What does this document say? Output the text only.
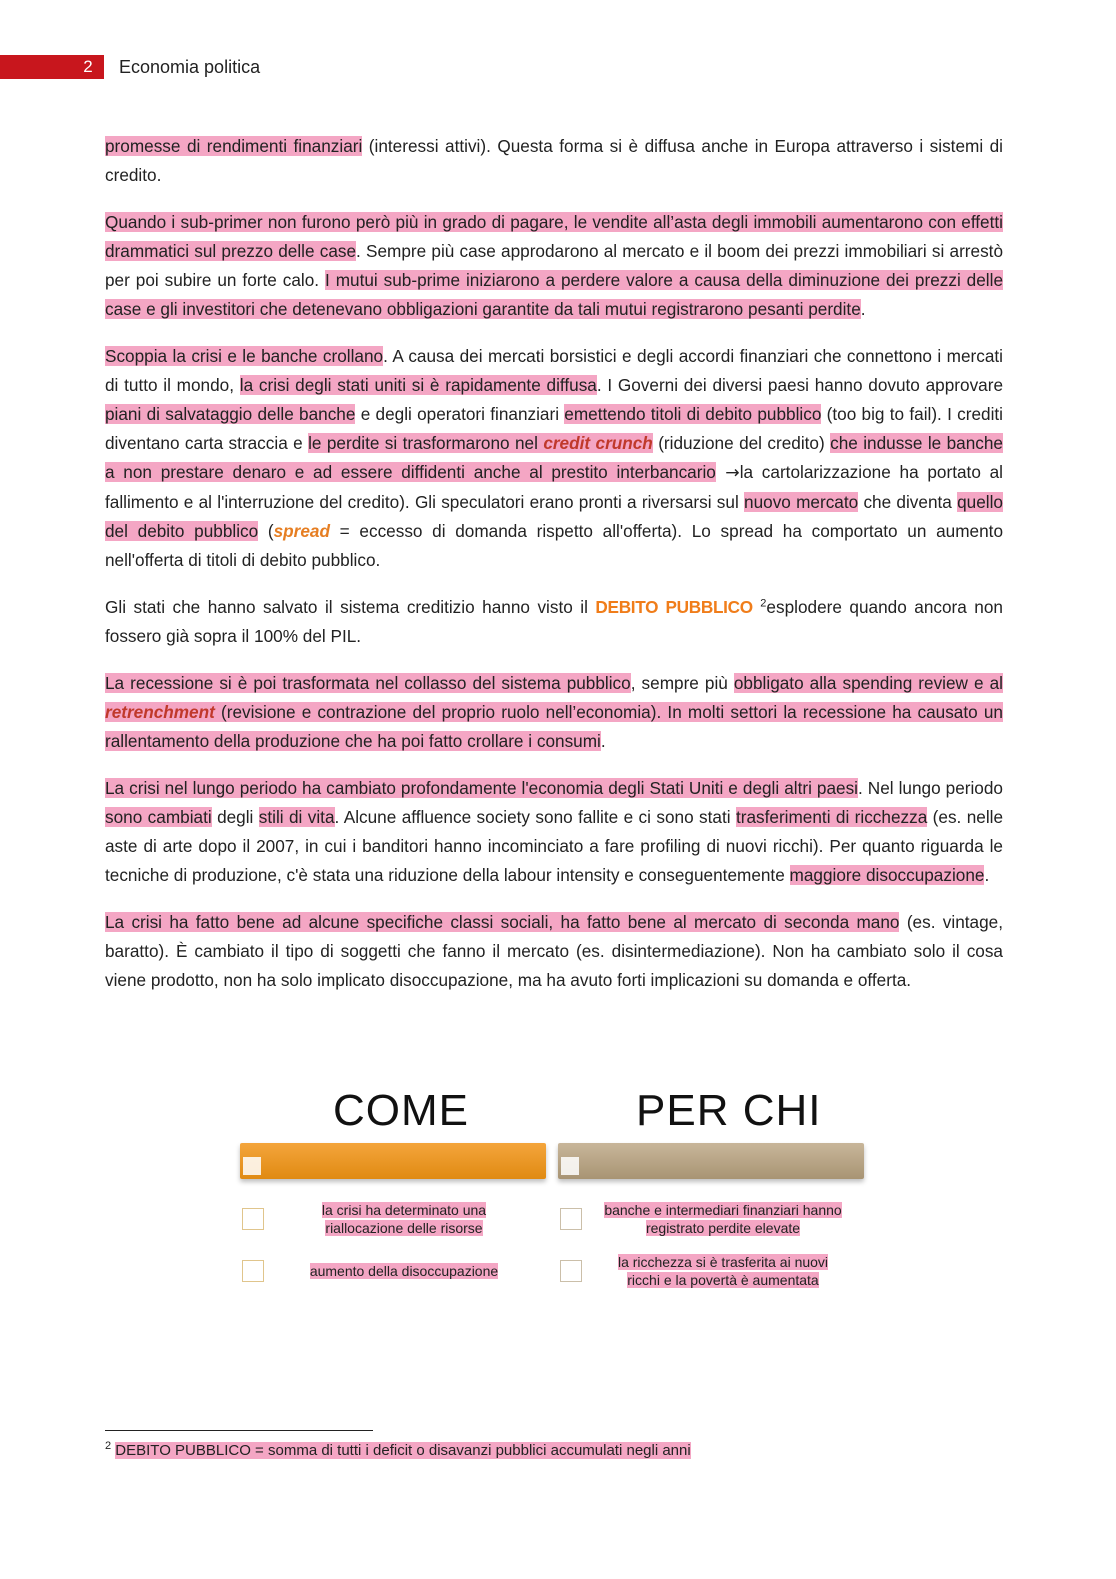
2	Economia politica

promesse di rendimenti finanziari (interessi attivi). Questa forma si è diffusa anche in Europa attraverso i sistemi di credito.

Quando i sub-primer non furono però più in grado di pagare, le vendite all’asta degli immobili aumentarono con effetti drammatici sul prezzo delle case. Sempre più case approdarono al mercato e il boom dei prezzi immobiliari si arrestò per poi subire un forte calo. I mutui sub-prime iniziarono a perdere valore a causa della diminuzione dei prezzi delle case e gli investitori che detenevano obbligazioni garantite da tali mutui registrarono pesanti perdite.

Scoppia la crisi e le banche crollano. A causa dei mercati borsistici e degli accordi finanziari che connettono i mercati di tutto il mondo, la crisi degli stati uniti si è rapidamente diffusa. I Governi dei diversi paesi hanno dovuto approvare piani di salvataggio delle banche e degli operatori finanziari emettendo titoli di debito pubblico (too big to fail). I crediti diventano carta straccia e le perdite si trasformarono nel credit crunch (riduzione del credito) che indusse le banche a non prestare denaro e ad essere diffidenti anche al prestito interbancario →la cartolarizzazione ha portato al fallimento e al l'interruzione del credito). Gli speculatori erano pronti a riversarsi sul nuovo mercato che diventa quello del debito pubblico (spread = eccesso di domanda rispetto all'offerta). Lo spread ha comportato un aumento nell'offerta di titoli di debito pubblico.

Gli stati che hanno salvato il sistema creditizio hanno visto il DEBITO PUBBLICO $^2$esplodere quando ancora non fossero già sopra il 100% del PIL.

La recessione si è poi trasformata nel collasso del sistema pubblico, sempre più obbligato alla spending review e al retrenchment (revisione e contrazione del proprio ruolo nell’economia). In molti settori la recessione ha causato un rallentamento della produzione che ha poi fatto crollare i consumi.

La crisi nel lungo periodo ha cambiato profondamente l'economia degli Stati Uniti e degli altri paesi. Nel lungo periodo sono cambiati degli stili di vita. Alcune affluence society sono fallite e ci sono stati trasferimenti di ricchezza (es. nelle aste di arte dopo il 2007, in cui i banditori hanno incominciato a fare profiling di nuovi ricchi). Per quanto riguarda le tecniche di produzione, c'è stata una riduzione della labour intensity e conseguentemente maggiore disoccupazione.

La crisi ha fatto bene ad alcune specifiche classi sociali, ha fatto bene al mercato di seconda mano (es. vintage, baratto). È cambiato il tipo di soggetti che fanno il mercato (es. disintermediazione). Non ha cambiato solo il cosa viene prodotto, non ha solo implicato disoccupazione, ma ha avuto forti implicazioni su domanda e offerta.

COME	PER CHI
la crisi ha determinato una riallocazione delle risorse
aumento della disoccupazione
banche e intermediari finanziari hanno registrato perdite elevate
la ricchezza si è trasferita ai nuovi ricchi e la povertà è aumentata
$^2$ DEBITO PUBBLICO = somma di tutti i deficit o disavanzi pubblici accumulati negli anni
